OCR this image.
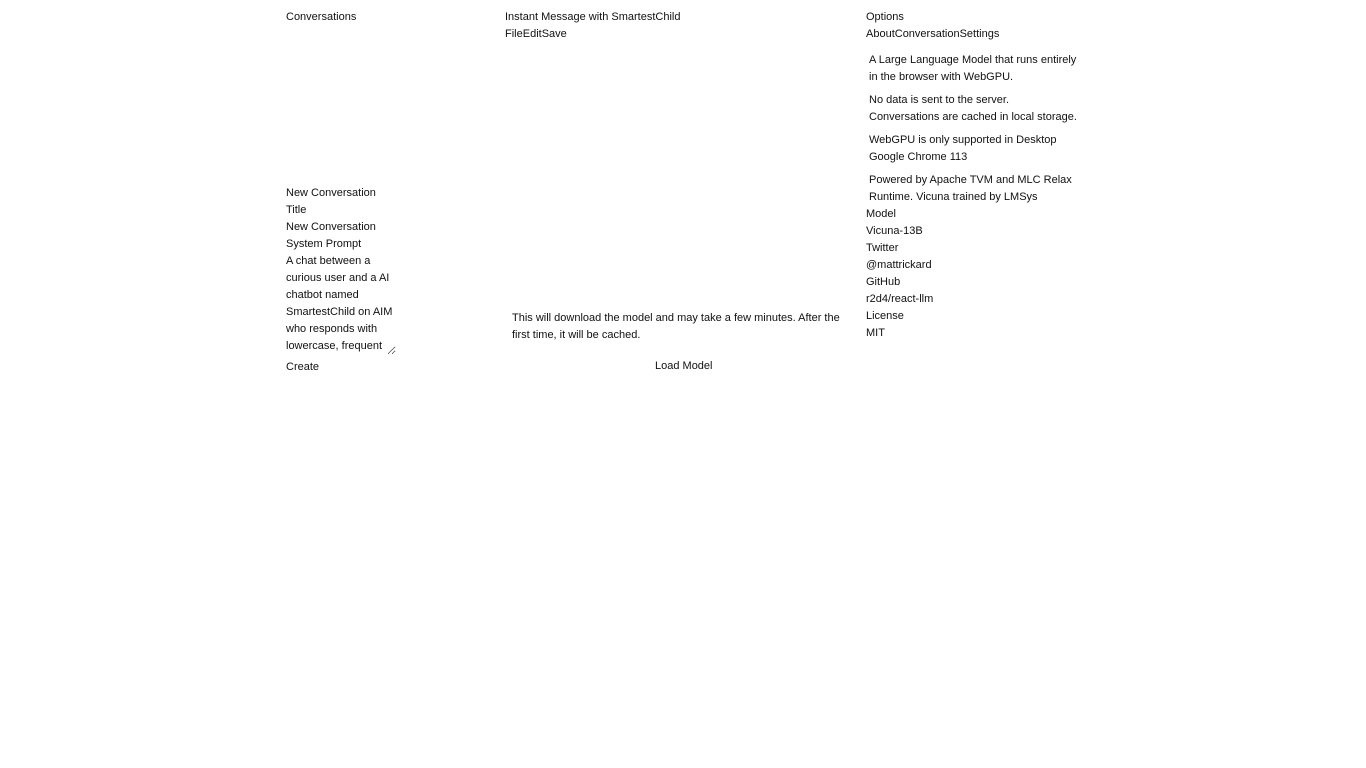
Conversations
New Conversation
Title
New Conversation
System Prompt
A chat between a curious user and a AI chatbot named SmartestChild on AIM who responds with lowercase, frequent
Create
Instant Message with SmartestChild
FileEditSave
This will download the model and may take a few minutes. After the first time, it will be cached.
Load Model
Options
AboutConversationSettings

A Large Language Model that runs entirely in the browser with WebGPU.

No data is sent to the server. Conversations are cached in local storage.

WebGPU is only supported in Desktop Google Chrome 113

Powered by Apache TVM and MLC Relax Runtime. Vicuna trained by LMSys

Model
Vicuna-13B
Twitter
@mattrickard
GitHub
r2d4/react-llm
License
MIT
